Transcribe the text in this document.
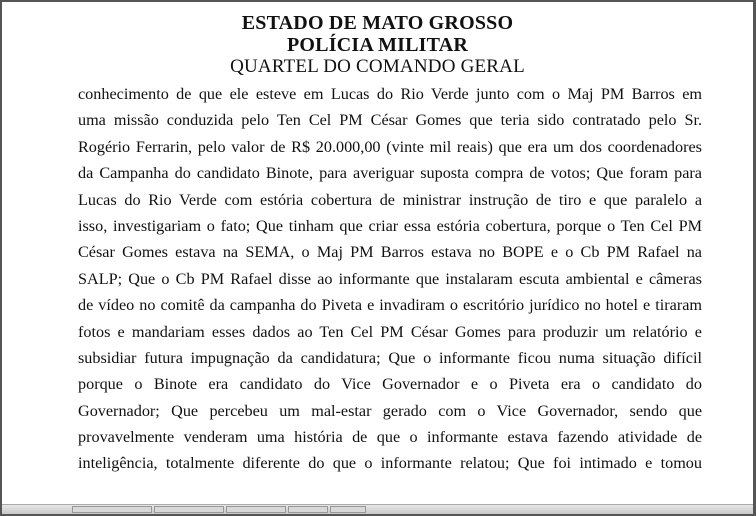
ESTADO DE MATO GROSSO
POLÍCIA MILITAR
QUARTEL DO COMANDO GERAL
conhecimento de que ele esteve em Lucas do Rio Verde junto com o Maj PM Barros em
uma missão conduzida pelo Ten Cel PM César Gomes que teria sido contratado pelo Sr.
Rogério Ferrarin, pelo valor de R$ 20.000,00 (vinte mil reais) que era um dos coordenadores
da Campanha do candidato Binote, para averiguar suposta compra de votos; Que foram para
Lucas do Rio Verde com estória cobertura de ministrar instrução de tiro e que paralelo a
isso, investigariam o fato; Que tinham que criar essa estória cobertura, porque o Ten Cel PM
César Gomes estava na SEMA, o Maj PM Barros estava no BOPE e o Cb PM Rafael na
SALP; Que o Cb PM Rafael disse ao informante que instalaram escuta ambiental e câmeras
de vídeo no comitê da campanha do Piveta e invadiram o escritório jurídico no hotel e tiraram
fotos e mandariam esses dados ao Ten Cel PM César Gomes para produzir um relatório e
subsidiar futura impugnação da candidatura; Que o informante ficou numa situação difícil
porque o Binote era candidato do Vice Governador e o Piveta era o candidato do
Governador; Que percebeu um mal-estar gerado com o Vice Governador, sendo que
provavelmente venderam uma história de que o informante estava fazendo atividade de
inteligência, totalmente diferente do que o informante relatou; Que foi intimado e tomou
